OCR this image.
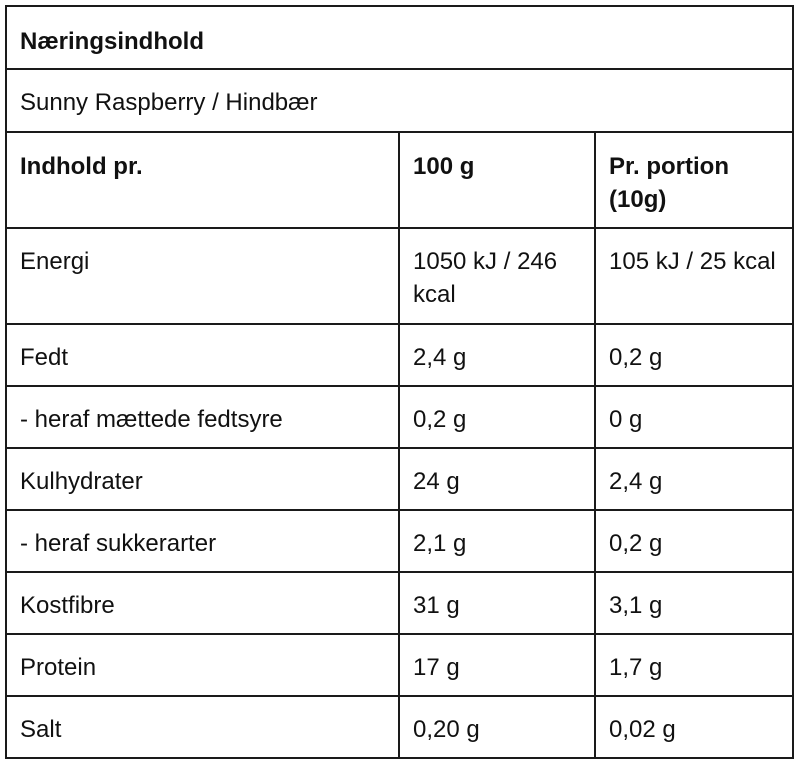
Næringsindhold		
Sunny Raspberry / Hindbær		
Indhold pr.	100 g	Pr. portion (10g)
Energi	1050 kJ / 246 kcal	105 kJ / 25 kcal
Fedt	2,4 g	0,2 g
- heraf mættede fedtsyre	0,2 g	0 g
Kulhydrater	24 g	2,4 g
- heraf sukkerarter	2,1 g	0,2 g
Kostfibre	31 g	3,1 g
Protein	17 g	1,7 g
Salt	0,20 g	0,02 g
